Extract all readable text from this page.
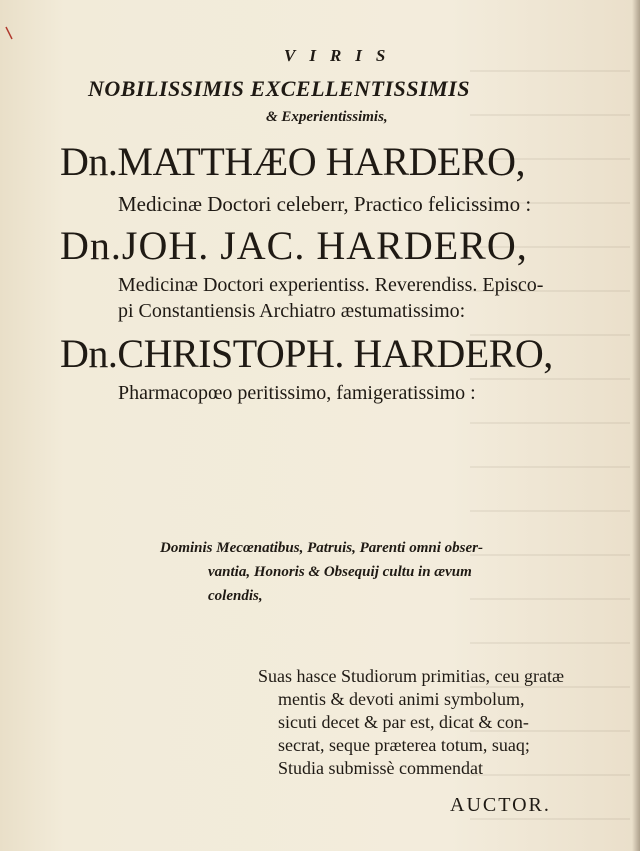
VIRIS
NOBILISSIMIS EXCELLENTISSIMIS
& Experientissimis,
Dn.MATTHÆO HARDERO,
Medicinæ Doctori celeberr, Practico felicissimo :
Dn.JOH. JAC. HARDERO,
Medicinæ Doctori experientiss. Reverendiss. Episco-
pi Constantiensis Archiatro æstumatissimo:
Dn.CHRISTOPH. HARDERO,
Pharmacopœo peritissimo, famigeratissimo :
Dominis Mecœnatibus, Patruis, Parenti omni obser-
vantia, Honoris & Obsequij cultu in ævum
colendis,
Suas hasce Studiorum primitias, ceu gratæ
mentis & devoti animi symbolum,
sicuti decet & par est, dicat & con-
secrat, seque præterea totum, suaq;
Studia submissè commendat
AUCTOR.
